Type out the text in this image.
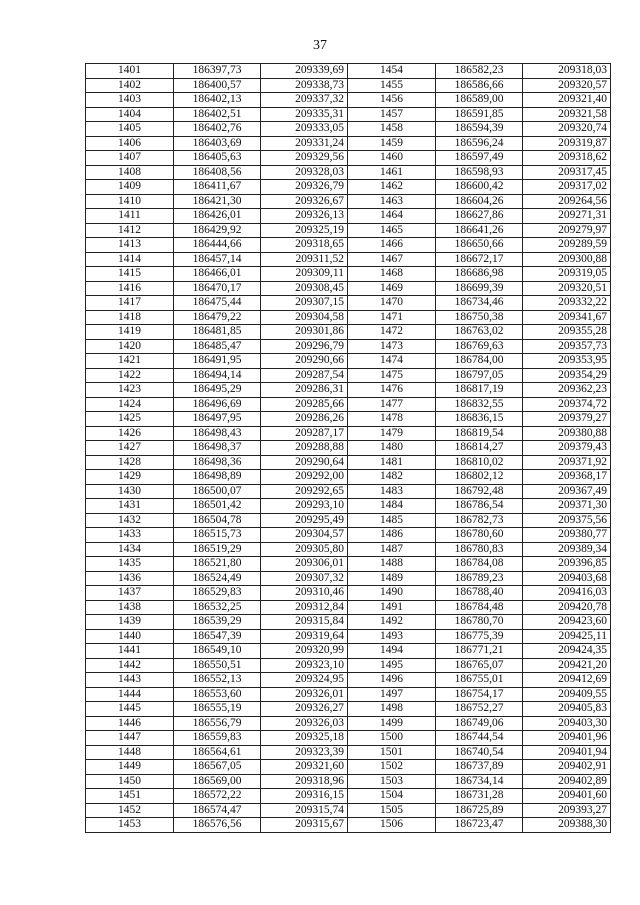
37
1401	186397,73	209339,69	1454	186582,23	209318,03
1402	186400,57	209338,73	1455	186586,66	209320,57
1403	186402,13	209337,32	1456	186589,00	209321,40
1404	186402,51	209335,31	1457	186591,85	209321,58
1405	186402,76	209333,05	1458	186594,39	209320,74
1406	186403,69	209331,24	1459	186596,24	209319,87
1407	186405,63	209329,56	1460	186597,49	209318,62
1408	186408,56	209328,03	1461	186598,93	209317,45
1409	186411,67	209326,79	1462	186600,42	209317,02
1410	186421,30	209326,67	1463	186604,26	209264,56
1411	186426,01	209326,13	1464	186627,86	209271,31
1412	186429,92	209325,19	1465	186641,26	209279,97
1413	186444,66	209318,65	1466	186650,66	209289,59
1414	186457,14	209311,52	1467	186672,17	209300,88
1415	186466,01	209309,11	1468	186686,98	209319,05
1416	186470,17	209308,45	1469	186699,39	209320,51
1417	186475,44	209307,15	1470	186734,46	209332,22
1418	186479,22	209304,58	1471	186750,38	209341,67
1419	186481,85	209301,86	1472	186763,02	209355,28
1420	186485,47	209296,79	1473	186769,63	209357,73
1421	186491,95	209290,66	1474	186784,00	209353,95
1422	186494,14	209287,54	1475	186797,05	209354,29
1423	186495,29	209286,31	1476	186817,19	209362,23
1424	186496,69	209285,66	1477	186832,55	209374,72
1425	186497,95	209286,26	1478	186836,15	209379,27
1426	186498,43	209287,17	1479	186819,54	209380,88
1427	186498,37	209288,88	1480	186814,27	209379,43
1428	186498,36	209290,64	1481	186810,02	209371,92
1429	186498,89	209292,00	1482	186802,12	209368,17
1430	186500,07	209292,65	1483	186792,48	209367,49
1431	186501,42	209293,10	1484	186786,54	209371,30
1432	186504,78	209295,49	1485	186782,73	209375,56
1433	186515,73	209304,57	1486	186780,60	209380,77
1434	186519,29	209305,80	1487	186780,83	209389,34
1435	186521,80	209306,01	1488	186784,08	209396,85
1436	186524,49	209307,32	1489	186789,23	209403,68
1437	186529,83	209310,46	1490	186788,40	209416,03
1438	186532,25	209312,84	1491	186784,48	209420,78
1439	186539,29	209315,84	1492	186780,70	209423,60
1440	186547,39	209319,64	1493	186775,39	209425,11
1441	186549,10	209320,99	1494	186771,21	209424,35
1442	186550,51	209323,10	1495	186765,07	209421,20
1443	186552,13	209324,95	1496	186755,01	209412,69
1444	186553,60	209326,01	1497	186754,17	209409,55
1445	186555,19	209326,27	1498	186752,27	209405,83
1446	186556,79	209326,03	1499	186749,06	209403,30
1447	186559,83	209325,18	1500	186744,54	209401,96
1448	186564,61	209323,39	1501	186740,54	209401,94
1449	186567,05	209321,60	1502	186737,89	209402,91
1450	186569,00	209318,96	1503	186734,14	209402,89
1451	186572,22	209316,15	1504	186731,28	209401,60
1452	186574,47	209315,74	1505	186725,89	209393,27
1453	186576,56	209315,67	1506	186723,47	209388,30
